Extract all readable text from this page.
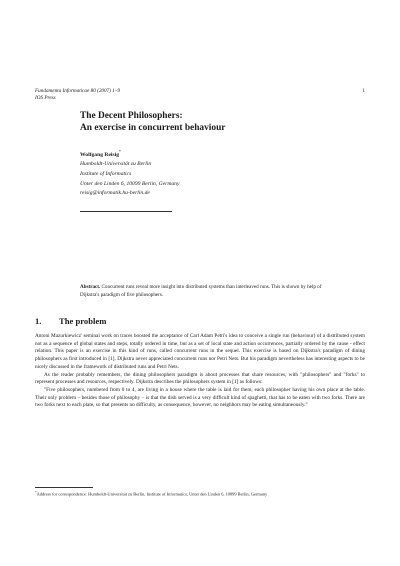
Fundamenta Informaticae 80 (2007) 1–9
IOS Press
1
The Decent Philosophers:
An exercise in concurrent behaviour
Wolfgang Reisig*
Humboldt-Universität zu Berlin
Institute of Informatics
Unter den Linden 6, 10099 Berlin, Germany
reisig@informatik.hu-berlin.de
Abstract. Concurrent runs reveal more insight into distributed systems than interleaved runs. This is shown by help of Dijkstra's paradigm of five philosophers.
1. The problem

Antoni Mazurkiewicz' seminal work on traces boosted the acceptance of Carl Adam Petri's idea to conceive a single run (behaviour) of a distributed system not as a sequence of global states and steps, totally ordered in time, but as a set of local state and action occurrences, partially ordered by the cause - effect relation. This paper is an exercise in this kind of runs, called concurrent runs in the sequel. This exercise is based on Dijkstra's paradigm of dining philosophers as first introduced in [1]. Dijkstra never appreciated concurrent runs nor Petri Nets. But his paradigm nevertheless has interesting aspects to be nicely discussed in the framework of distributed runs and Petri Nets.

As the reader probably remembers, the dining philosophers paradigm is about processes that share resources, with "philosophers" and "forks" to represent processes and resources, respectively. Dijkstra describes the philosophers system in [1] as follows:

"Five philosophers, numbered from 0 to 4, are living in a house where the table is laid for them, each philosopher having his own place at the table. Their only problem – besides those of philosophy – is that the dish served is a very difficult kind of spaghetti, that has to be eaten with two forks. There are two forks next to each plate, so that presents no difficulty, as consequence, however, no neighbors may be eating simultaneously."

*Address for correspondence: Humboldt-Universität zu Berlin, Institute of Informatics, Unter den Linden 6, 10099 Berlin, Germany
